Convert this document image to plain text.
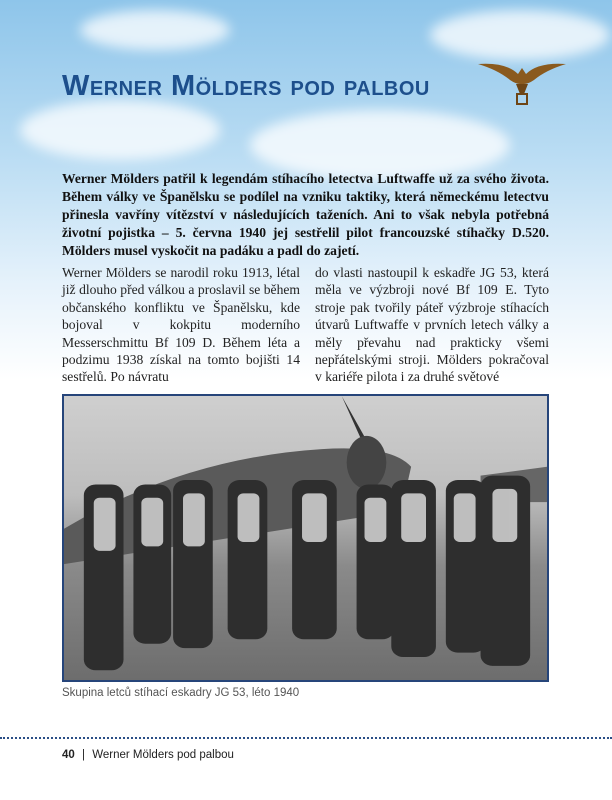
Werner Mölders pod palbou

Werner Mölders patřil k legendám stíhacího letectva Luftwaffe už za svého života. Během války ve Španělsku se podílel na vzniku taktiky, která německému letectvu přinesla vavříny vítězství v následujících taženích. Ani to však nebyla potřebná životní pojistka – 5. června 1940 jej sestřelil pilot francouzské stíhačky D.520. Mölders musel vyskočit na padáku a padl do zajetí.

Werner Mölders se narodil roku 1913, létal již dlouho před válkou a proslavil se během občanského konfliktu ve Španělsku, kde bojoval v kokpitu moderního Messerschmittu Bf 109 D. Během léta a podzimu 1938 získal na tomto bojišti 14 sestřelů. Po návratu

do vlasti nastoupil k eskadře JG 53, která měla ve výzbroji nové Bf 109 E. Tyto stroje pak tvořily páteř výzbroje stíhacích útvarů Luftwaffe v prvních letech války a měly převahu nad prakticky všemi nepřátelskými stroji. Mölders pokračoval v kariéře pilota i za druhé světové

Skupina letců stíhací eskadry JG 53, léto 1940

40 | Werner Mölders pod palbou
